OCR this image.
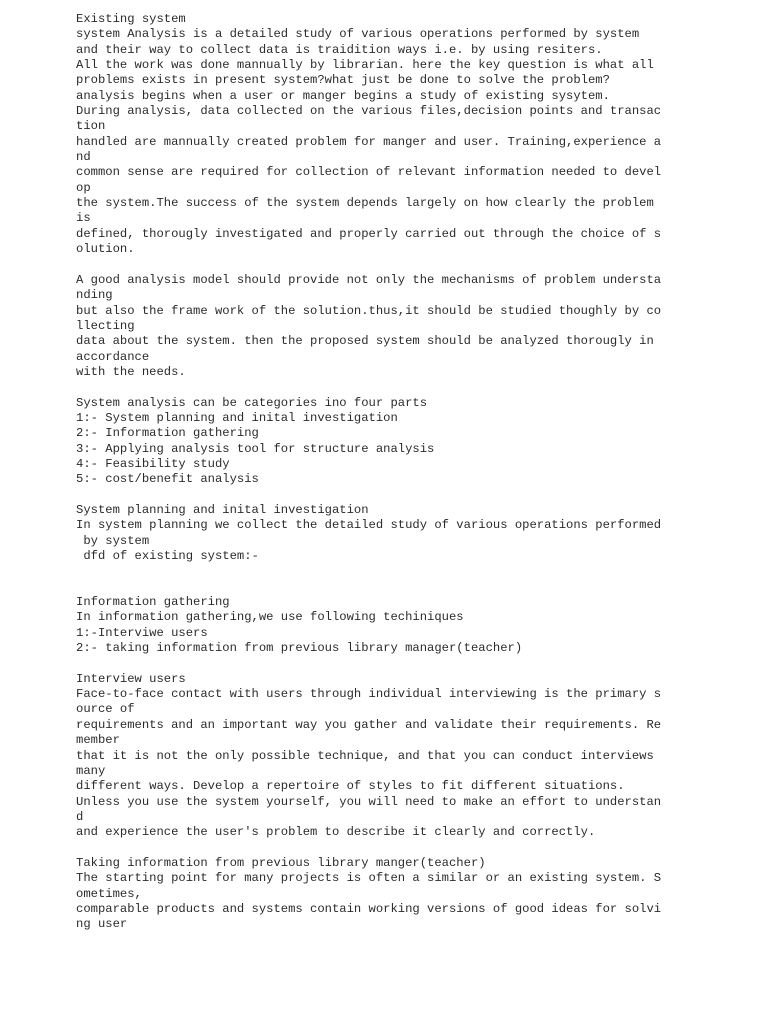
Existing system
system Analysis is a detailed study of various operations performed by system
and their way to collect data is traidition ways i.e. by using resiters.
All the work was done mannually by librarian. here the key question is what all
problems exists in present system?what just be done to solve the problem?
analysis begins when a user or manger begins a study of existing sysytem.
During analysis, data collected on the various files,decision points and transac
tion
handled are mannually created problem for manger and user. Training,experience a
nd
common sense are required for collection of relevant information needed to devel
op
the system.The success of the system depends largely on how clearly the problem
is
defined, thorougly investigated and properly carried out through the choice of s
olution.
A good analysis model should provide not only the mechanisms of problem understa
nding
but also the frame work of the solution.thus,it should be studied thoughly by co
llecting
data about the system. then the proposed system should be analyzed thorougly in
accordance
with the needs.
System analysis can be categories ino four parts
1:- System planning and inital investigation
2:- Information gathering
3:- Applying analysis tool for structure analysis
4:- Feasibility study
5:- cost/benefit analysis
System planning and inital investigation
In system planning we collect the detailed study of various operations performed
by system
dfd of existing system:-
Information gathering
In information gathering,we use following techiniques
1:-Interviwe users
2:- taking information from previous library manager(teacher)
Interview users
Face-to-face contact with users through individual interviewing is the primary s
ource of
requirements and an important way you gather and validate their requirements. Re
member
that it is not the only possible technique, and that you can conduct interviews
many
different ways. Develop a repertoire of styles to fit different situations.
Unless you use the system yourself, you will need to make an effort to understan
d
and experience the user's problem to describe it clearly and correctly.
Taking information from previous library manger(teacher)
The starting point for many projects is often a similar or an existing system. S
ometimes,
comparable products and systems contain working versions of good ideas for solvi
ng user
